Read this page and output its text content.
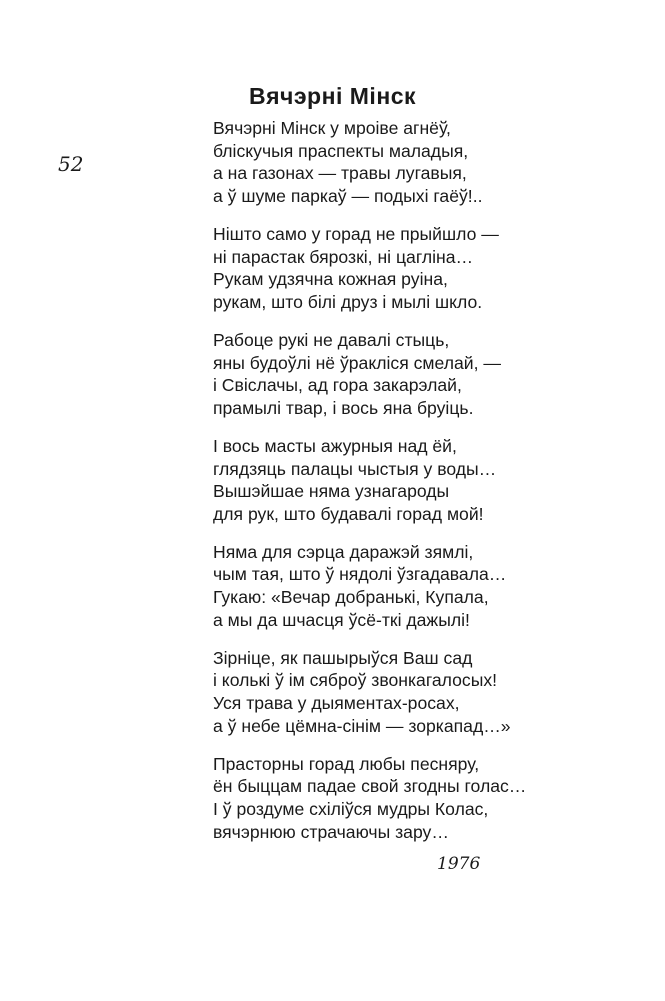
52
Вячэрні Мінск
Вячэрні Мінск у мроіве агнёў,
бліскучыя праспекты маладыя,
а на газонах — травы лугавыя,
а ў шуме паркаў — подыхі гаёў!..
Нішто само у горад не прыйшло —
ні парастак бярозкі, ні цагліна…
Рукам удзячна кожная руіна,
рукам, што білі друз і мылі шкло.
Рабоце рукі не давалі стыць,
яны будоўлі нё ўракліся смелай, —
і Свіслачы, ад гора закарэлай,
прамылі твар, і вось яна бруіць.
І вось масты ажурныя над ёй,
глядзяць палацы чыстыя у воды…
Вышэйшае няма узнагароды
для рук, што будавалі горад мой!
Няма для сэрца даражэй зямлі,
чым тая, што ў нядолі ўзгадавала…
Гукаю: «Вечар добранькі, Купала,
а мы да шчасця ўсё-ткі дажылі!
Зірніце, як пашырыўся Ваш сад
і колькі ў ім сяброў звонкагалосых!
Уся трава у дыяментах-росах,
а ў небе цёмна-сінім — зоркапад…»
Прасторны горад любы песняру,
ён быццам падае свой згодны голас…
І ў роздуме схіліўся мудры Колас,
вячэрнюю страчаючы зару…
1976
